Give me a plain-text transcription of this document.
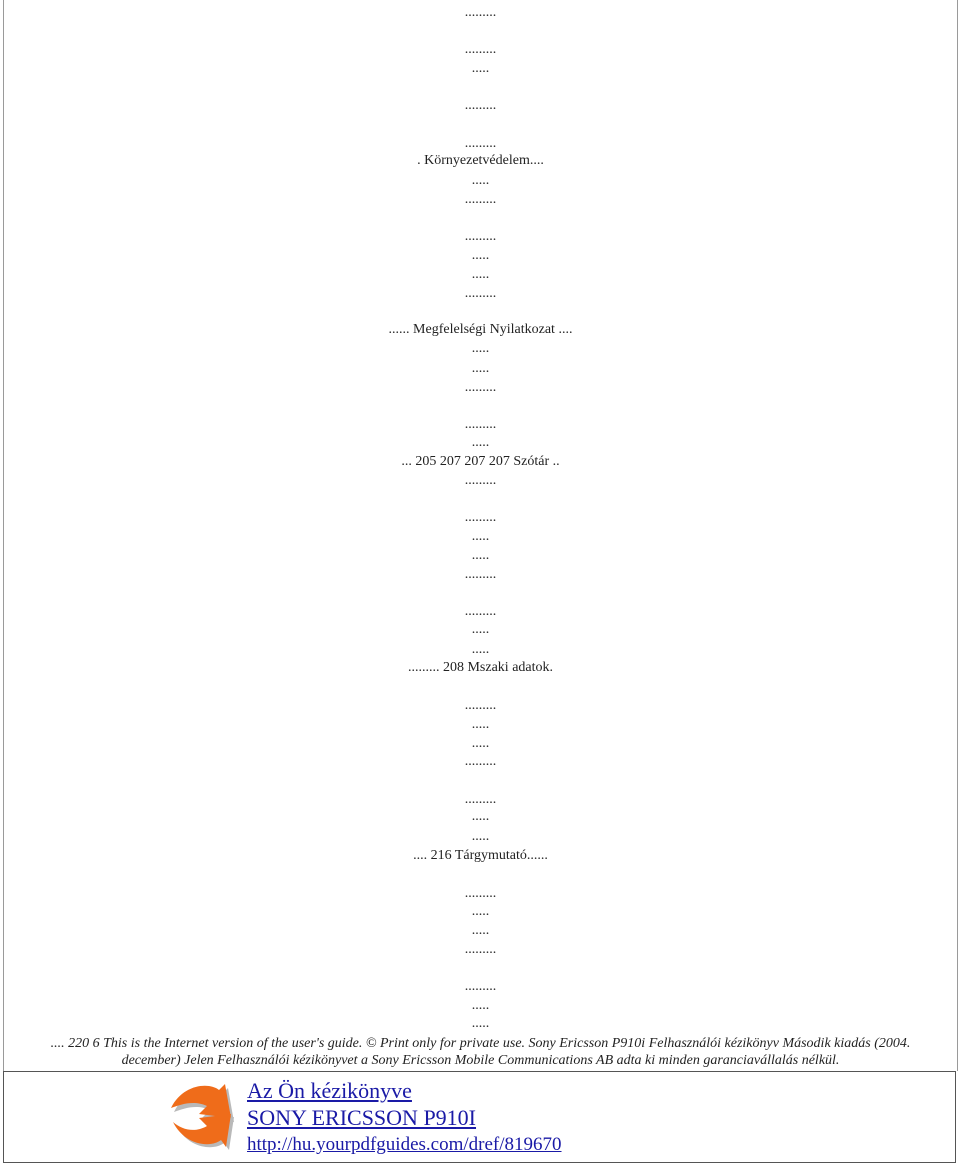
.........
.........
.....
.........
.........
. Környezetvédelem....
.....
.........
.........
.....
.....
.........
...... Megfelelségi Nyilatkozat ....
.....
.....
.........
.........
.....
... 205 207 207 207 Szótár ..
.........
.........
.....
.....
.........
.........
.....
.....
......... 208 Mszaki adatok.
.........
.....
.....
.........
.........
.....
.....
.... 216 Tárgymutató......
.........
.....
.....
.........
.........
.....
.....
.... 220 6 This is the Internet version of the user's guide. © Print only for private use. Sony Ericsson P910i Felhasználói kézikönyv Második kiadás (2004.
december) Jelen Felhasználói kézikönyvet a Sony Ericsson Mobile Communications AB adta ki minden garanciavállalás nélkül.
Az Ön kézikönyve
SONY ERICSSON P910I
http://hu.yourpdfguides.com/dref/819670
